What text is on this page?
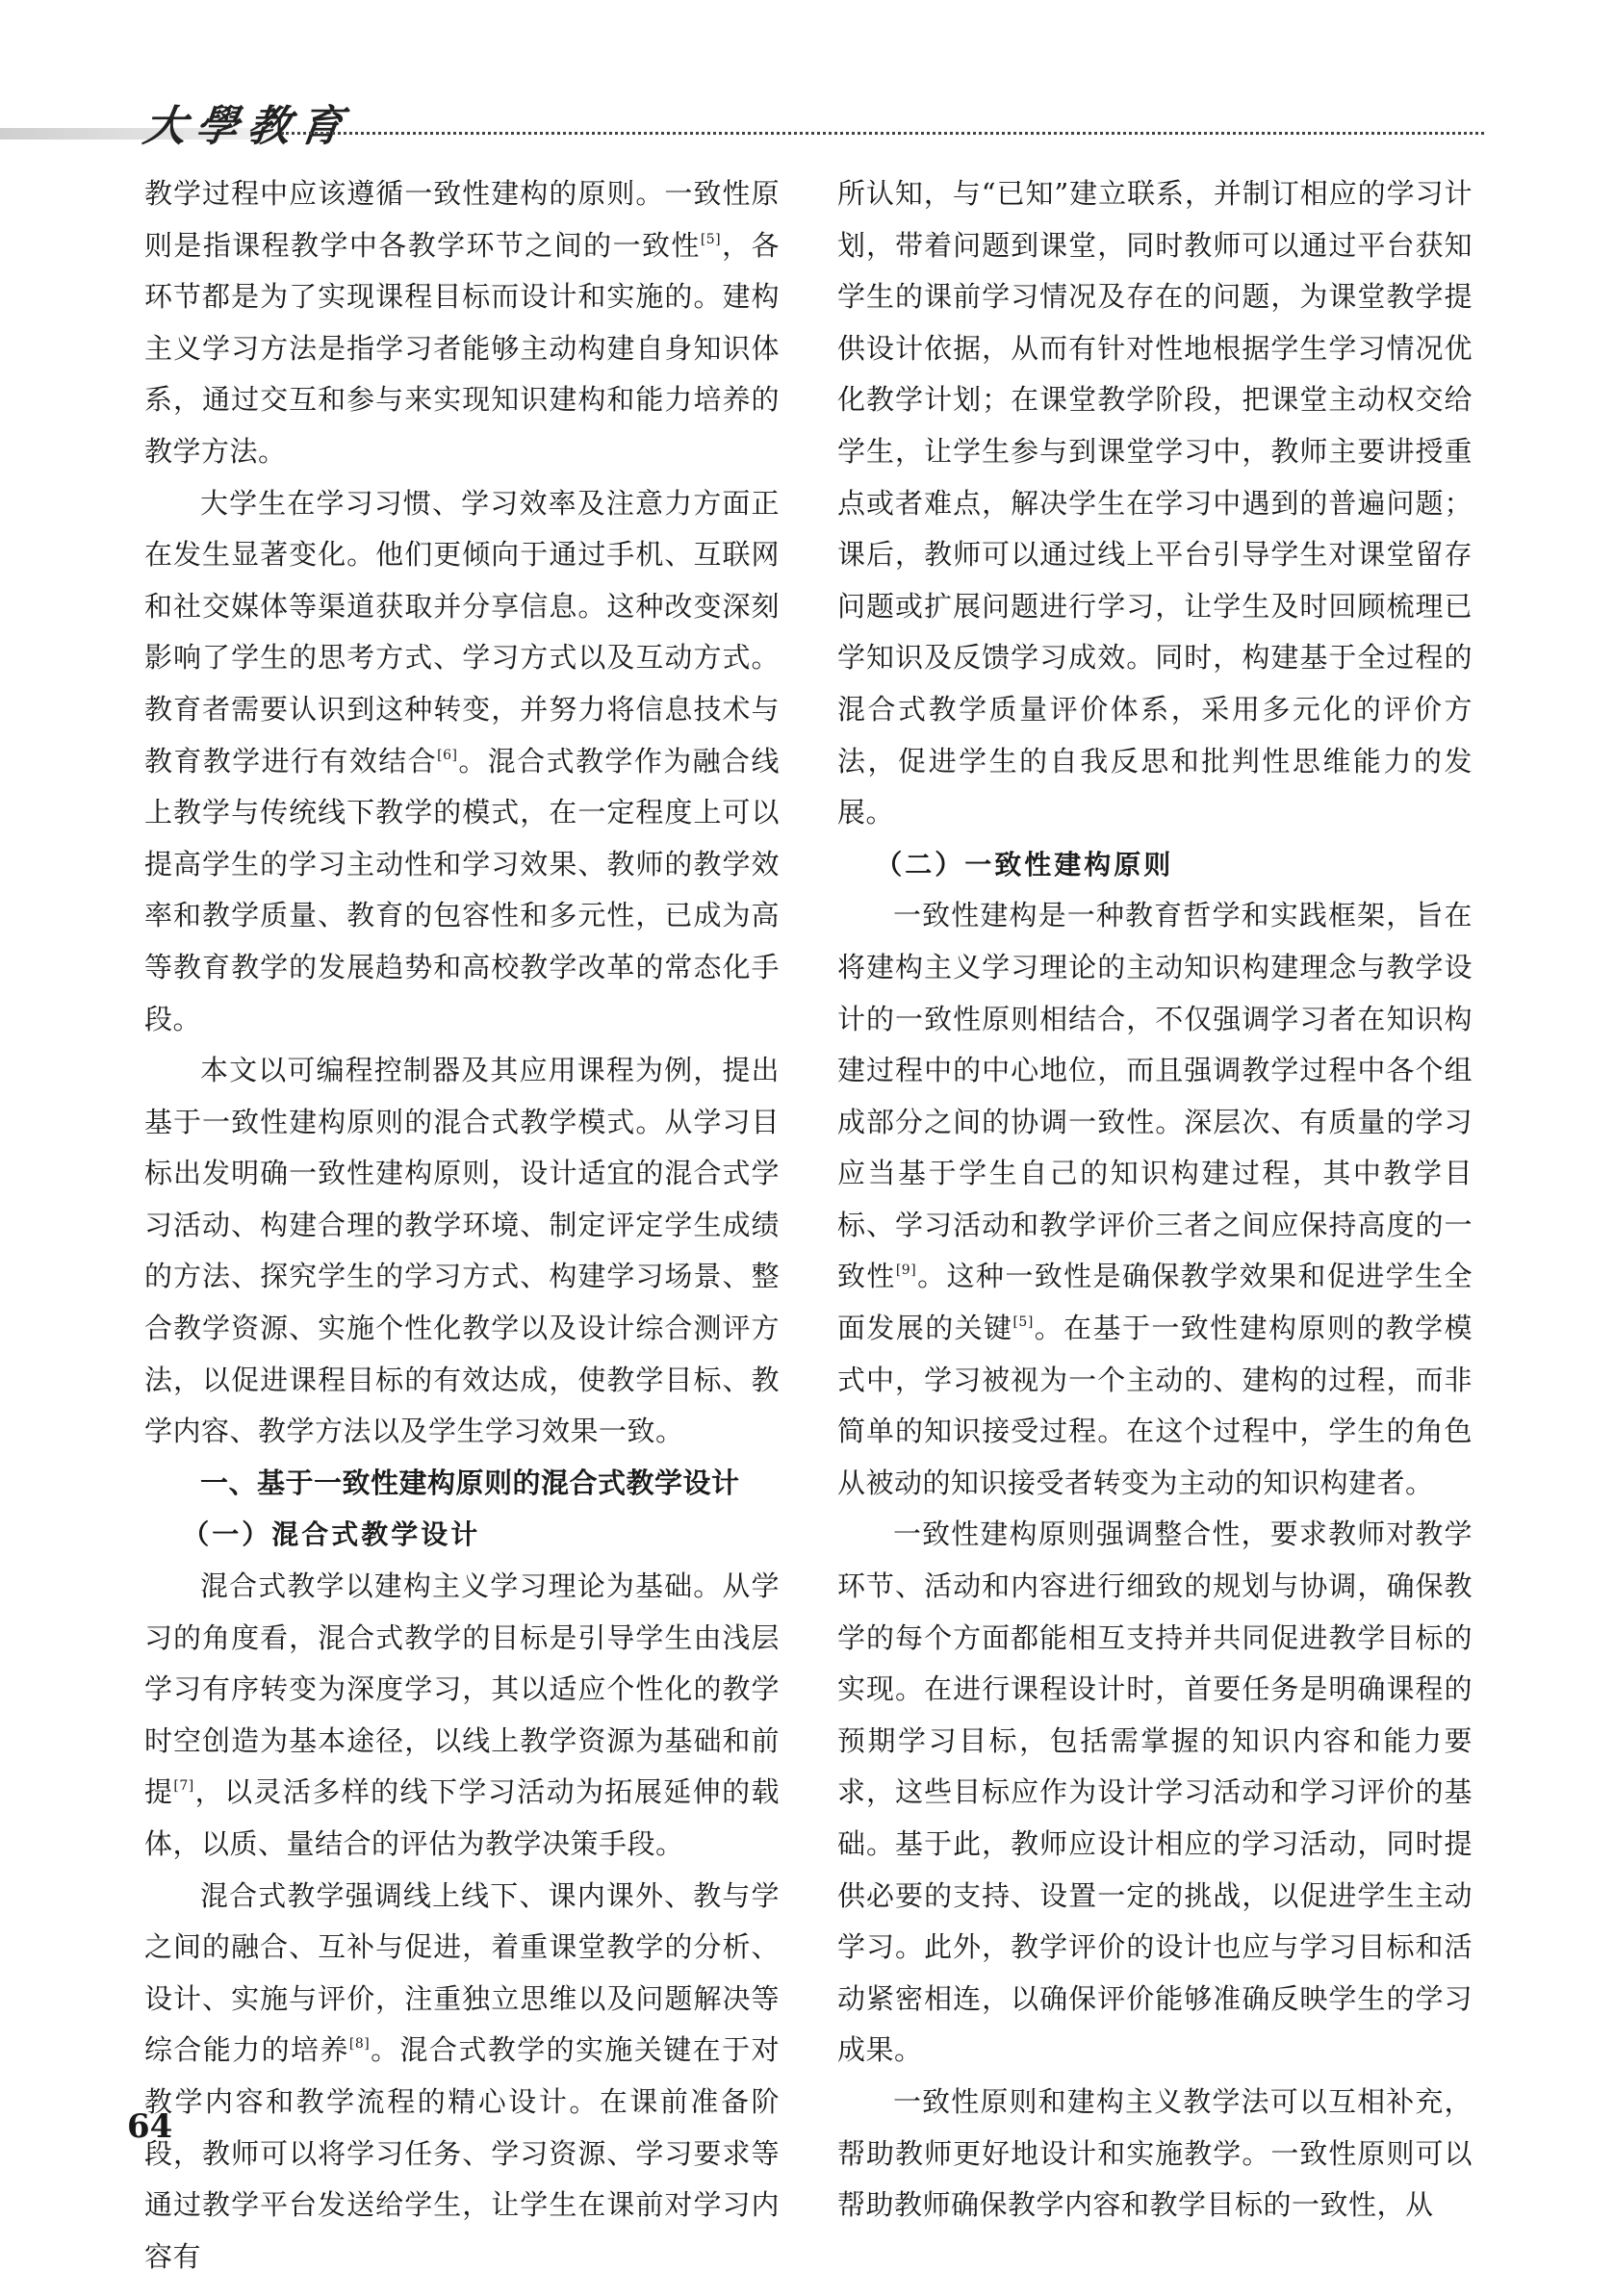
大學教育

教学过程中应该遵循一致性建构的原则。一致性原则是指课程教学中各教学环节之间的一致性[5]，各环节都是为了实现课程目标而设计和实施的。建构主义学习方法是指学习者能够主动构建自身知识体系，通过交互和参与来实现知识建构和能力培养的教学方法。

大学生在学习习惯、学习效率及注意力方面正在发生显著变化。他们更倾向于通过手机、互联网和社交媒体等渠道获取并分享信息。这种改变深刻影响了学生的思考方式、学习方式以及互动方式。教育者需要认识到这种转变，并努力将信息技术与教育教学进行有效结合[6]。混合式教学作为融合线上教学与传统线下教学的模式，在一定程度上可以提高学生的学习主动性和学习效果、教师的教学效率和教学质量、教育的包容性和多元性，已成为高等教育教学的发展趋势和高校教学改革的常态化手段。

本文以可编程控制器及其应用课程为例，提出基于一致性建构原则的混合式教学模式。从学习目标出发明确一致性建构原则，设计适宜的混合式学习活动、构建合理的教学环境、制定评定学生成绩的方法、探究学生的学习方式、构建学习场景、整合教学资源、实施个性化教学以及设计综合测评方法，以促进课程目标的有效达成，使教学目标、教学内容、教学方法以及学生学习效果一致。

一、基于一致性建构原则的混合式教学设计
（一）混合式教学设计

混合式教学以建构主义学习理论为基础。从学习的角度看，混合式教学的目标是引导学生由浅层学习有序转变为深度学习，其以适应个性化的教学时空创造为基本途径，以线上教学资源为基础和前提[7]，以灵活多样的线下学习活动为拓展延伸的载体，以质、量结合的评估为教学决策手段。

混合式教学强调线上线下、课内课外、教与学之间的融合、互补与促进，着重课堂教学的分析、设计、实施与评价，注重独立思维以及问题解决等综合能力的培养[8]。混合式教学的实施关键在于对教学内容和教学流程的精心设计。在课前准备阶段，教师可以将学习任务、学习资源、学习要求等通过教学平台发送给学生，让学生在课前对学习内容有

所认知，与“已知”建立联系，并制订相应的学习计划，带着问题到课堂，同时教师可以通过平台获知学生的课前学习情况及存在的问题，为课堂教学提供设计依据，从而有针对性地根据学生学习情况优化教学计划；在课堂教学阶段，把课堂主动权交给学生，让学生参与到课堂学习中，教师主要讲授重点或者难点，解决学生在学习中遇到的普遍问题；课后，教师可以通过线上平台引导学生对课堂留存问题或扩展问题进行学习，让学生及时回顾梳理已学知识及反馈学习成效。同时，构建基于全过程的混合式教学质量评价体系，采用多元化的评价方法，促进学生的自我反思和批判性思维能力的发展。

（二）一致性建构原则

一致性建构是一种教育哲学和实践框架，旨在将建构主义学习理论的主动知识构建理念与教学设计的一致性原则相结合，不仅强调学习者在知识构建过程中的中心地位，而且强调教学过程中各个组成部分之间的协调一致性。深层次、有质量的学习应当基于学生自己的知识构建过程，其中教学目标、学习活动和教学评价三者之间应保持高度的一致性[9]。这种一致性是确保教学效果和促进学生全面发展的关键[5]。在基于一致性建构原则的教学模式中，学习被视为一个主动的、建构的过程，而非简单的知识接受过程。在这个过程中，学生的角色从被动的知识接受者转变为主动的知识构建者。

一致性建构原则强调整合性，要求教师对教学环节、活动和内容进行细致的规划与协调，确保教学的每个方面都能相互支持并共同促进教学目标的实现。在进行课程设计时，首要任务是明确课程的预期学习目标，包括需掌握的知识内容和能力要求，这些目标应作为设计学习活动和学习评价的基础。基于此，教师应设计相应的学习活动，同时提供必要的支持、设置一定的挑战，以促进学生主动学习。此外，教学评价的设计也应与学习目标和活动紧密相连，以确保评价能够准确反映学生的学习成果。

一致性原则和建构主义教学法可以互相补充，帮助教师更好地设计和实施教学。一致性原则可以帮助教师确保教学内容和教学目标的一致性，从

64
